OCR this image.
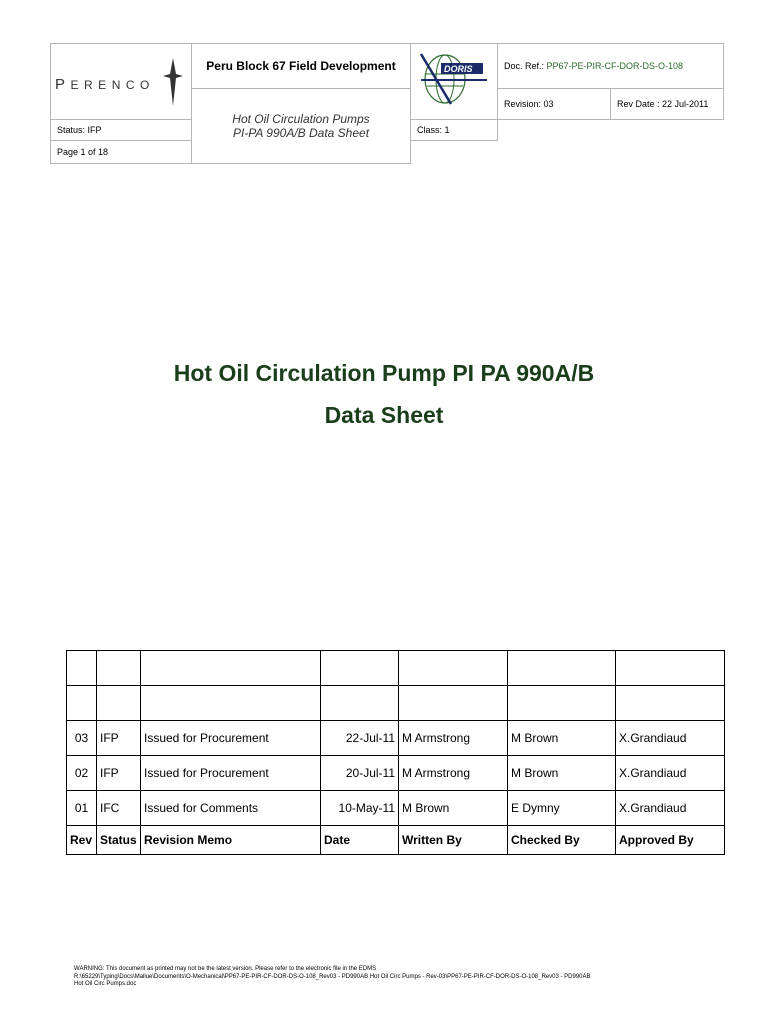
PERENCO	Peru Block 67 Field Development	DORIS	Doc. Ref.: PP67-PE-PIR-CF-DOR-DS-O-108	

	Hot Oil Circulation Pumps
PI-PA 990A/B Data Sheet		Revision: 03	Rev Date : 22 Jul-2011
Status: IFP		Class: 1		
Page 1 of 18				
Hot Oil Circulation Pump PI PA 990A/B
Data Sheet

03	IFP	Issued for Procurement	22-Jul-11	M Armstrong	M Brown	X.Grandiaud
02	IFP	Issued for Procurement	20-Jul-11	M Armstrong	M Brown	X.Grandiaud
01	IFC	Issued for Comments	10-May-11	M Brown	E Dymny	X.Grandiaud
Rev	Status	Revision Memo	Date	Written By	Checked By	Approved By
WARNING: This document as printed may not be the latest version. Please refer to the electronic file in the EDMS
R:\65229\Typing\Docs\Mallue\Documents\O-Mechanical\PP67-PE-PIR-CF-DOR-DS-O-108_Rev03 - PD990AB Hot Oil Circ Pumps - Rev-03\PP67-PE-PIR-CF-DOR-DS-O-108_Rev03 - PD990AB
Hot Oil Circ Pumps.doc
